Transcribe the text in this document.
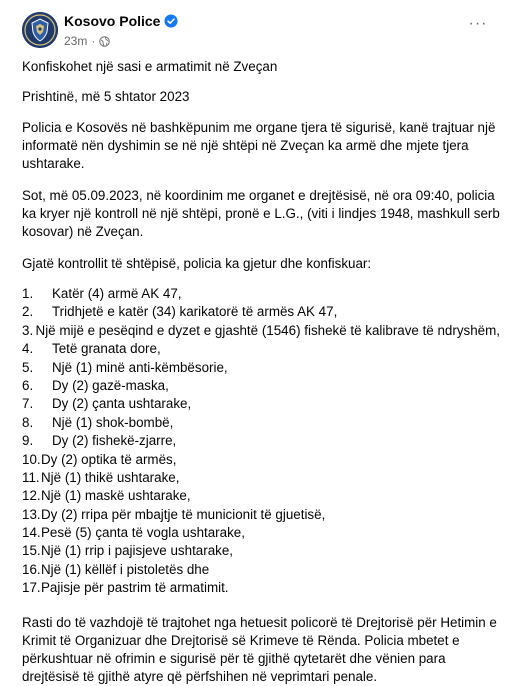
Kosovo Police
23m ·
···

Konfiskohet një sasi e armatimit në Zveçan

Prishtinë, më 5 shtator 2023

Policia e Kosovës në bashkëpunim me organe tjera të sigurisë, kanë trajtuar një informatë nën dyshimin se në një shtëpi në Zveçan ka armë dhe mjete tjera ushtarake.

Sot, më 05.09.2023, në koordinim me organet e drejtësisë, në ora 09:40, policia ka kryer një kontroll në një shtëpi, pronë e L.G., (viti i lindjes 1948, mashkull serb kosovar) në Zveçan.

Gjatë kontrollit të shtëpisë, policia ka gjetur dhe konfiskuar:

1.	Katër (4) armë AK 47,
2.	Tridhjetë e katër (34) karikatorë të armës AK 47,
3. Një mijë e pesëqind e dyzet e gjashtë (1546) fishekë të kalibrave të ndryshëm,
4.	Tetë granata dore,
5.	Një (1) minë anti-këmbësorie,
6.	Dy (2) gazë-maska,
7.	Dy (2) çanta ushtarake,
8.	Një (1) shok-bombë,
9.	Dy (2) fishekë-zjarre,
10. Dy (2) optika të armës,
11. Një (1) thikë ushtarake,
12. Një (1) maskë ushtarake,
13. Dy (2) rripa për mbajtje të municionit të gjuetisë,
14. Pesë (5) çanta të vogla ushtarake,
15. Një (1) rrip i pajisjeve ushtarake,
16. Një (1) këllëf i pistoletës dhe
17. Pajisje për pastrim të armatimit.

Rasti do të vazhdojë të trajtohet nga hetuesit policorë të Drejtorisë për Hetimin e Krimit të Organizuar dhe Drejtorisë së Krimeve të Rënda. Policia mbetet e përkushtuar në ofrimin e sigurisë për të gjithë qytetarët dhe vënien para drejtësisë të gjithë atyre që përfshihen në veprimtari penale.
